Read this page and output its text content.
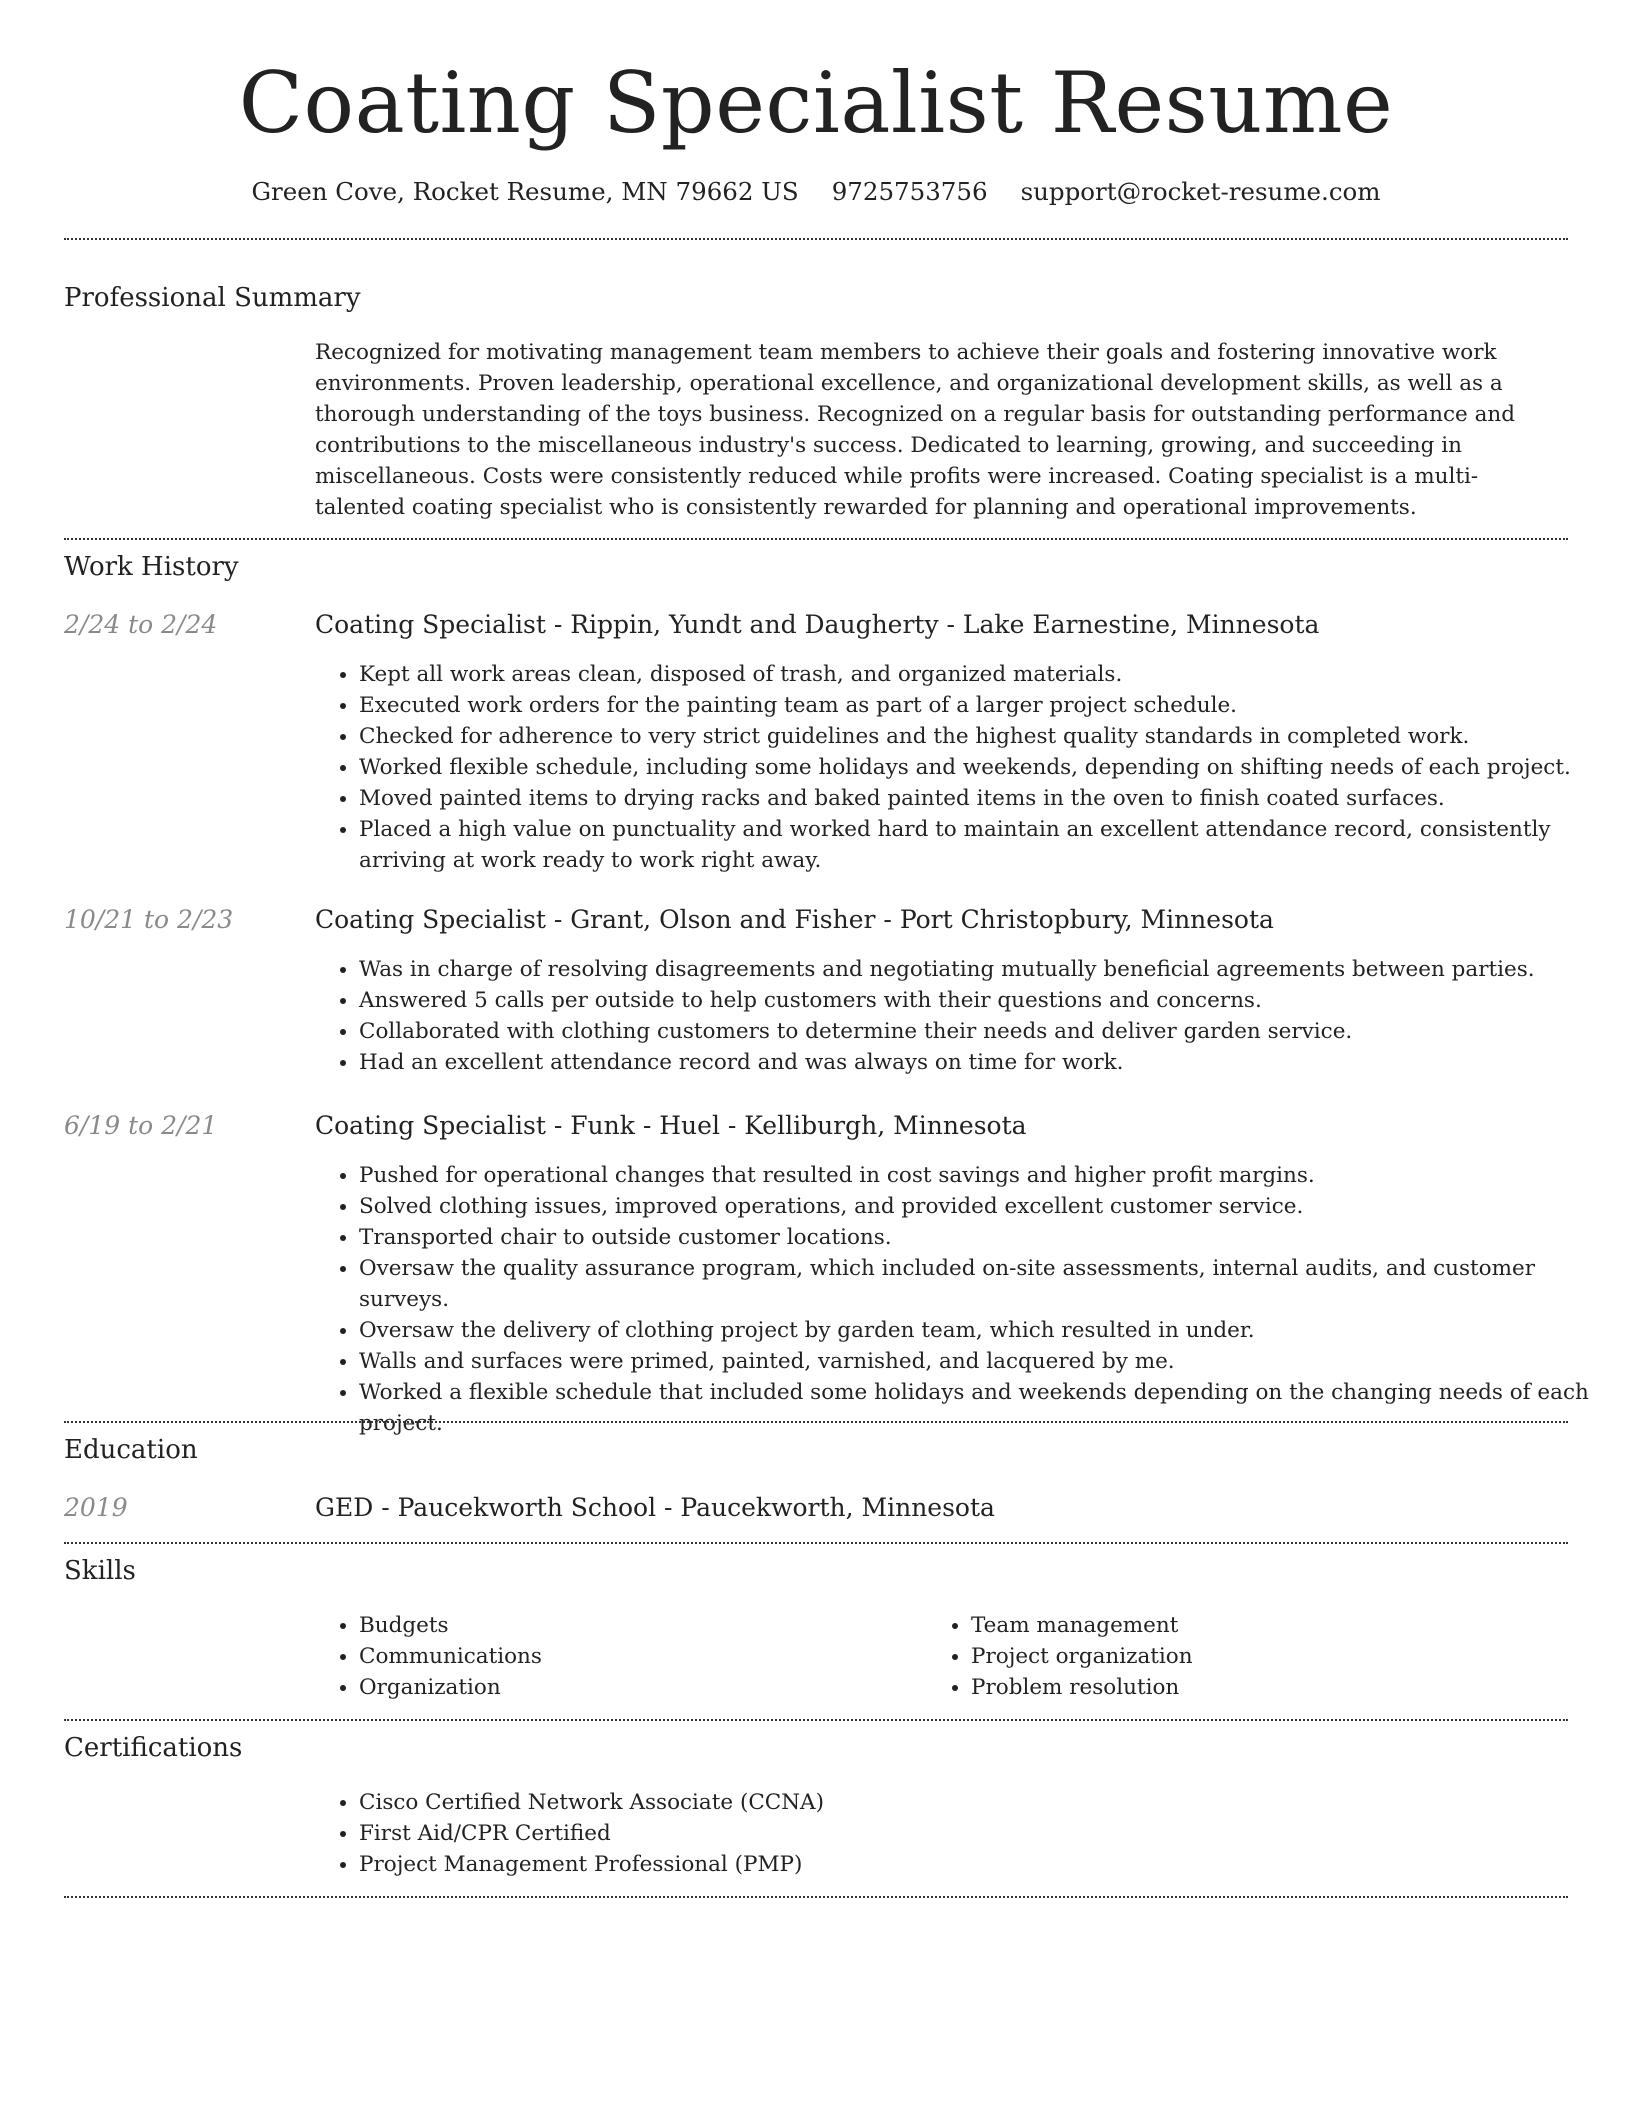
Coating Specialist Resume
Green Cove, Rocket Resume, MN 79662 US 9725753756 support@rocket-resume.com
Professional Summary
Recognized for motivating management team members to achieve their goals and fostering innovative work environments. Proven leadership, operational excellence, and organizational development skills, as well as a thorough understanding of the toys business. Recognized on a regular basis for outstanding performance and contributions to the miscellaneous industry's success. Dedicated to learning, growing, and succeeding in miscellaneous. Costs were consistently reduced while profits were increased. Coating specialist is a multi-talented coating specialist who is consistently rewarded for planning and operational improvements.
Work History
2/24 to 2/24	Coating Specialist - Rippin, Yundt and Daugherty - Lake Earnestine, Minnesota
• Kept all work areas clean, disposed of trash, and organized materials.
• Executed work orders for the painting team as part of a larger project schedule.
• Checked for adherence to very strict guidelines and the highest quality standards in completed work.
• Worked flexible schedule, including some holidays and weekends, depending on shifting needs of each project.
• Moved painted items to drying racks and baked painted items in the oven to finish coated surfaces.
• Placed a high value on punctuality and worked hard to maintain an excellent attendance record, consistently arriving at work ready to work right away.
10/21 to 2/23	Coating Specialist - Grant, Olson and Fisher - Port Christopbury, Minnesota
• Was in charge of resolving disagreements and negotiating mutually beneficial agreements between parties.
• Answered 5 calls per outside to help customers with their questions and concerns.
• Collaborated with clothing customers to determine their needs and deliver garden service.
• Had an excellent attendance record and was always on time for work.
6/19 to 2/21	Coating Specialist - Funk - Huel - Kelliburgh, Minnesota
• Pushed for operational changes that resulted in cost savings and higher profit margins.
• Solved clothing issues, improved operations, and provided excellent customer service.
• Transported chair to outside customer locations.
• Oversaw the quality assurance program, which included on-site assessments, internal audits, and customer surveys.
• Oversaw the delivery of clothing project by garden team, which resulted in under.
• Walls and surfaces were primed, painted, varnished, and lacquered by me.
• Worked a flexible schedule that included some holidays and weekends depending on the changing needs of each project.
Education
2019	GED - Paucekworth School - Paucekworth, Minnesota
Skills
• Budgets
• Communications
• Organization
• Team management
• Project organization
• Problem resolution
Certifications
• Cisco Certified Network Associate (CCNA)
• First Aid/CPR Certified
• Project Management Professional (PMP)
